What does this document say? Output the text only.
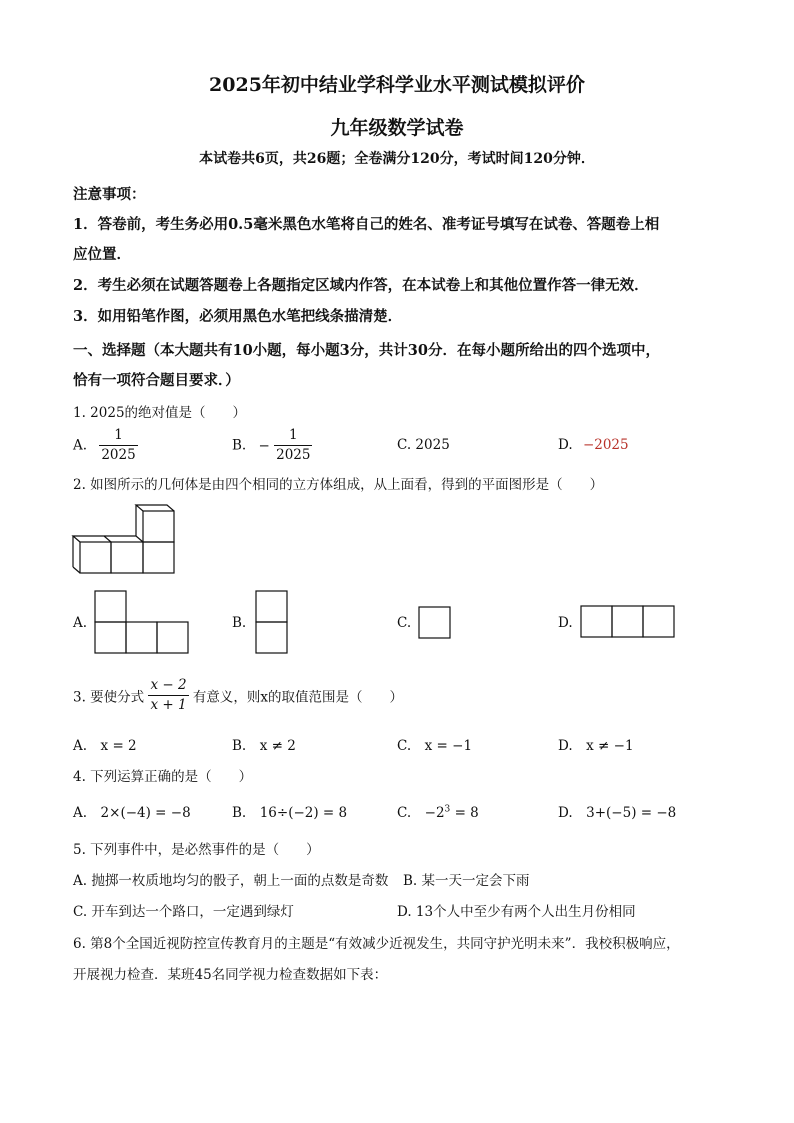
2025年初中结业学科学业水平测试模拟评价
九年级数学试卷
本试卷共6页，共26题；全卷满分120分，考试时间120分钟．
注意事项：
1．答卷前，考生务必用0.5毫米黑色水笔将自己的姓名、准考证号填写在试卷、答题卷上相
应位置．
2．考生必须在试题答题卷上各题指定区域内作答，在本试卷上和其他位置作答一律无效．
3．如用铅笔作图，必须用黑色水笔把线条描清楚．
一、选择题（本大题共有10小题，每小题3分，共计30分．在每小题所给出的四个选项中，
恰有一项符合题目要求．）
1. 2025的绝对值是（　　）
A. $\frac{1}{2025}$	B. − $\frac{1}{2025}$	C. 2025	D. −2025
2. 如图所示的几何体是由四个相同的立方体组成，从上面看，得到的平面图形是（　　）
A.	B.	C.	D.
3. 要使分式 $\frac{x - 2}{x + 1}$ 有意义，则x的取值范围是（　　）
A.　x = 2	B.　x ≠ 2	C.　x = −1	D.　x ≠ −1
4. 下列运算正确的是（　　）
A.　2×(−4) = −8	B.　16÷(−2) = 8	C.　$-2^3 = 8$	D.　3+(−5) = −8
5. 下列事件中，是必然事件的是（　　）
A. 抛掷一枚质地均匀的骰子，朝上一面的点数是奇数 B. 某一天一定会下雨
C. 开车到达一个路口，一定遇到绿灯	D. 13个人中至少有两个人出生月份相同
6. 第8个全国近视防控宣传教育月的主题是“有效减少近视发生，共同守护光明未来”．我校积极响应，
开展视力检查．某班45名同学视力检查数据如下表：
